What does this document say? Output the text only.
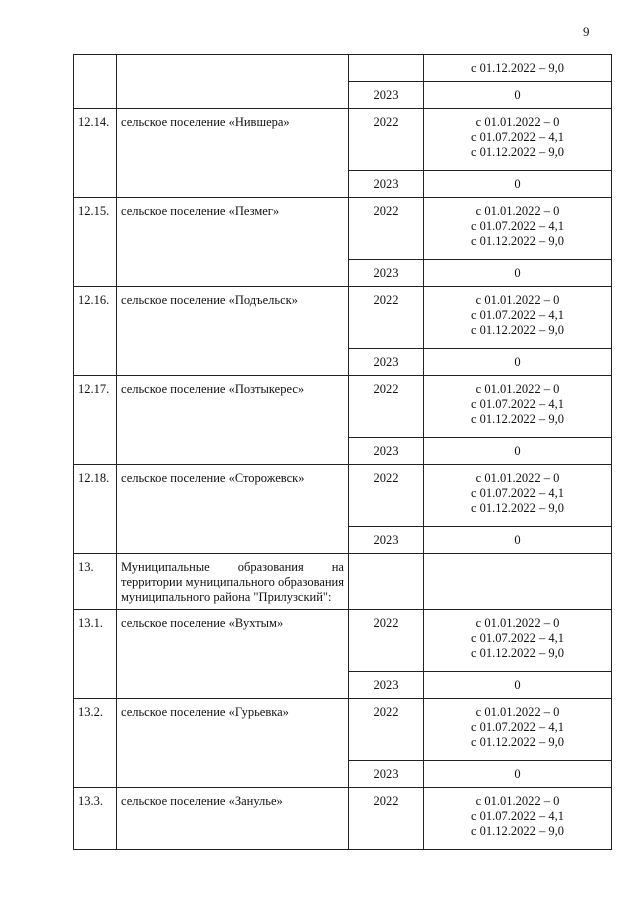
9

			с 01.12.2022 – 9,0

		2023	0
12.14.	сельское поселение «Нившера»	2022	с 01.01.2022 – 0
с 01.07.2022 – 4,1
с 01.12.2022 – 9,0

		2023	0
12.15.	сельское поселение «Пезмег»	2022	с 01.01.2022 – 0
с 01.07.2022 – 4,1
с 01.12.2022 – 9,0

		2023	0
12.16.	сельское поселение «Подъельск»	2022	с 01.01.2022 – 0
с 01.07.2022 – 4,1
с 01.12.2022 – 9,0

		2023	0
12.17.	сельское поселение «Позтыкерес»	2022	с 01.01.2022 – 0
с 01.07.2022 – 4,1
с 01.12.2022 – 9,0

		2023	0
12.18.	сельское поселение «Сторожевск»	2022	с 01.01.2022 – 0
с 01.07.2022 – 4,1
с 01.12.2022 – 9,0

		2023	0
13.	Муниципальные образования на территории муниципального образования муниципального района "Прилузский":		
13.1.	сельское поселение «Вухтым»	2022	с 01.01.2022 – 0
с 01.07.2022 – 4,1
с 01.12.2022 – 9,0

		2023	0
13.2.	сельское поселение «Гурьевка»	2022	с 01.01.2022 – 0
с 01.07.2022 – 4,1
с 01.12.2022 – 9,0

		2023	0
13.3.	сельское поселение «Занулье»	2022	с 01.01.2022 – 0
с 01.07.2022 – 4,1
с 01.12.2022 – 9,0
